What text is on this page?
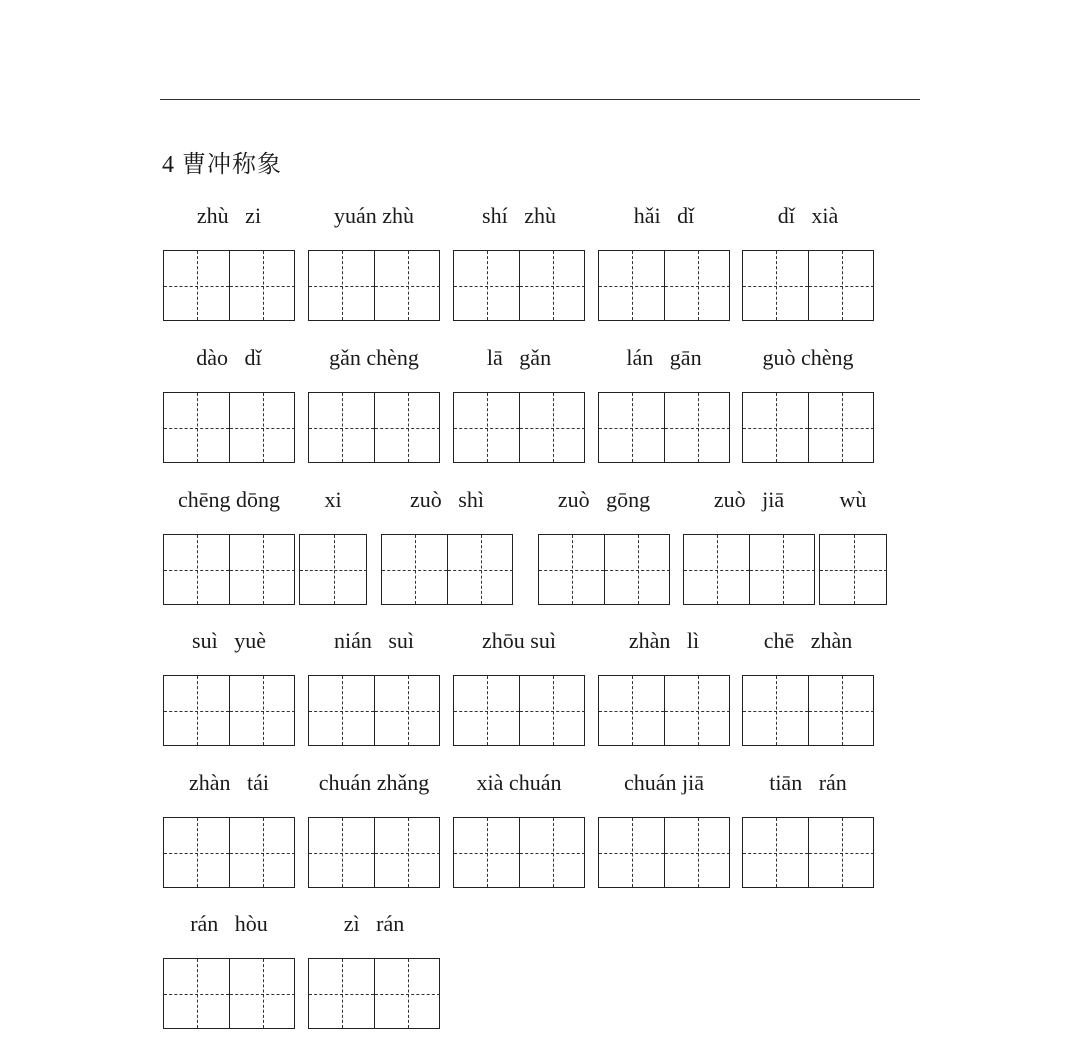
4 曹冲称象
zhù   zi	yuán zhù	shí   zhù	hǎi   dǐ	dǐ   xià
dào   dǐ	gǎn chèng	lā   gǎn	lán   gān	guò chèng
chēng dōng	xi	zuò   shì	zuò   gōng	zuò   jiā	wù
suì   yuè	nián   suì	zhōu suì	zhàn   lì	chē   zhàn
zhàn   tái	chuán zhǎng	xià chuán	chuán jiā	tiān   rán
rán   hòu	zì   rán
